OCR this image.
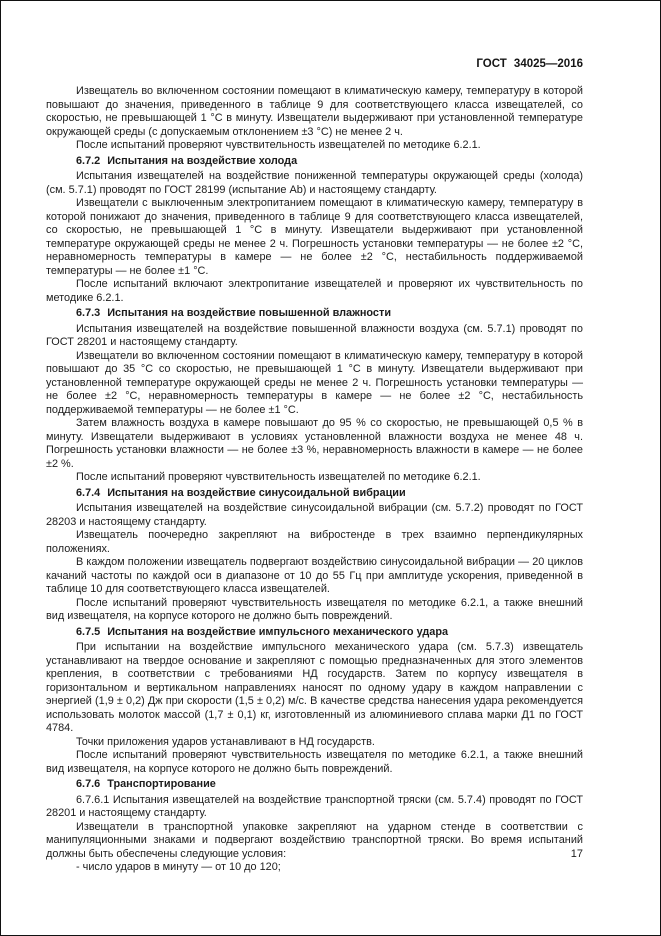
ГОСТ 34025—2016
Извещатель во включенном состоянии помещают в климатическую камеру, температуру в которой повышают до значения, приведенного в таблице 9 для соответствующего класса извещателей, со скоростью, не превышающей 1 °С в минуту. Извещатели выдерживают при установленной температуре окружающей среды (с допускаемым отклонением ±3 °С) не менее 2 ч.
После испытаний проверяют чувствительность извещателей по методике 6.2.1.
6.7.2 Испытания на воздействие холода
Испытания извещателей на воздействие пониженной температуры окружающей среды (холода) (см. 5.7.1) проводят по ГОСТ 28199 (испытание Ab) и настоящему стандарту.
Извещатели с выключенным электропитанием помещают в климатическую камеру, температуру в которой понижают до значения, приведенного в таблице 9 для соответствующего класса извещателей, со скоростью, не превышающей 1 °С в минуту. Извещатели выдерживают при установленной температуре окружающей среды не менее 2 ч. Погрешность установки температуры — не более ±2 °С, неравномерность температуры в камере — не более ±2 °С, нестабильность поддерживаемой температуры — не более ±1 °С.
После испытаний включают электропитание извещателей и проверяют их чувствительность по методике 6.2.1.
6.7.3 Испытания на воздействие повышенной влажности
Испытания извещателей на воздействие повышенной влажности воздуха (см. 5.7.1) проводят по ГОСТ 28201 и настоящему стандарту.
Извещатели во включенном состоянии помещают в климатическую камеру, температуру в которой повышают до 35 °С со скоростью, не превышающей 1 °С в минуту. Извещатели выдерживают при установленной температуре окружающей среды не менее 2 ч. Погрешность установки температуры — не более ±2 °С, неравномерность температуры в камере — не более ±2 °С, нестабильность поддерживаемой температуры — не более ±1 °С.
Затем влажность воздуха в камере повышают до 95 % со скоростью, не превышающей 0,5 % в минуту. Извещатели выдерживают в условиях установленной влажности воздуха не менее 48 ч. Погрешность установки влажности — не более ±3 %, неравномерность влажности в камере — не более ±2 %.
После испытаний проверяют чувствительность извещателей по методике 6.2.1.
6.7.4 Испытания на воздействие синусоидальной вибрации
Испытания извещателей на воздействие синусоидальной вибрации (см. 5.7.2) проводят по ГОСТ 28203 и настоящему стандарту.
Извещатель поочередно закрепляют на вибростенде в трех взаимно перпендикулярных положениях.
В каждом положении извещатель подвергают воздействию синусоидальной вибрации — 20 циклов качаний частоты по каждой оси в диапазоне от 10 до 55 Гц при амплитуде ускорения, приведенной в таблице 10 для соответствующего класса извещателей.
После испытаний проверяют чувствительность извещателя по методике 6.2.1, а также внешний вид извещателя, на корпусе которого не должно быть повреждений.
6.7.5 Испытания на воздействие импульсного механического удара
При испытании на воздействие импульсного механического удара (см. 5.7.3) извещатель устанавливают на твердое основание и закрепляют с помощью предназначенных для этого элементов крепления, в соответствии с требованиями НД государств. Затем по корпусу извещателя в горизонтальном и вертикальном направлениях наносят по одному удару в каждом направлении с энергией (1,9 ± 0,2) Дж при скорости (1,5 ± 0,2) м/с. В качестве средства нанесения удара рекомендуется использовать молоток массой (1,7 ± 0,1) кг, изготовленный из алюминиевого сплава марки Д1 по ГОСТ 4784.
Точки приложения ударов устанавливают в НД государств.
После испытаний проверяют чувствительность извещателя по методике 6.2.1, а также внешний вид извещателя, на корпусе которого не должно быть повреждений.
6.7.6 Транспортирование
6.7.6.1 Испытания извещателей на воздействие транспортной тряски (см. 5.7.4) проводят по ГОСТ 28201 и настоящему стандарту.
Извещатели в транспортной упаковке закрепляют на ударном стенде в соответствии с манипуляционными знаками и подвергают воздействию транспортной тряски. Во время испытаний должны быть обеспечены следующие условия:
- число ударов в минуту — от 10 до 120;
17
